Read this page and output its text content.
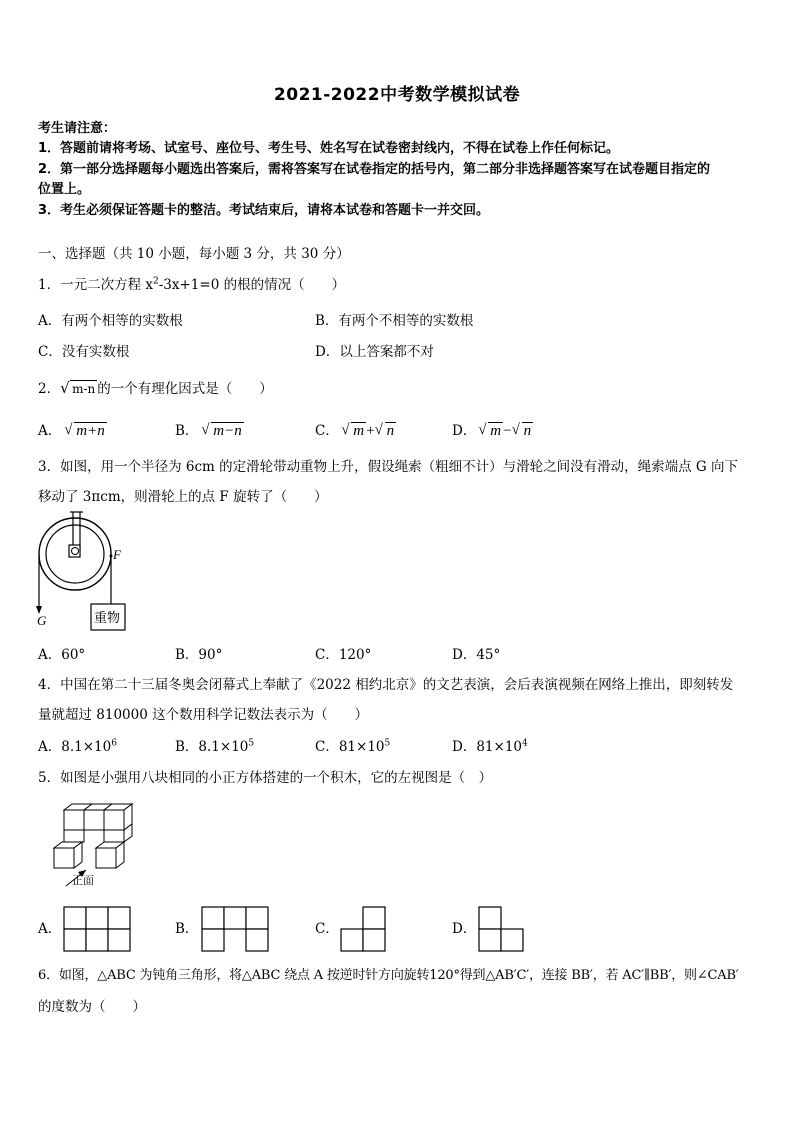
2021-2022中考数学模拟试卷
考生请注意：
1．答题前请将考场、试室号、座位号、考生号、姓名写在试卷密封线内，不得在试卷上作任何标记。
2．第一部分选择题每小题选出答案后，需将答案写在试卷指定的括号内，第二部分非选择题答案写在试卷题目指定的
位置上。
3．考生必须保证答题卡的整洁。考试结束后，请将本试卷和答题卡一并交回。
一、选择题（共 10 小题，每小题 3 分，共 30 分）
1．一元二次方程 $x^2-3x+1=0$ 的根的情况（　　）
A．有两个相等的实数根	B．有两个不相等的实数根
C．没有实数根	D．以上答案都不对
2． √ m-n 的一个有理化因式是（　　）
A． √ m+n	B． √ m−n	C． √ m + √ n	D． √ m − √ n
3．如图，用一个半径为 6cm 的定滑轮带动重物上升，假设绳索（粗细不计）与滑轮之间没有滑动，绳索端点 G 向下
移动了 3πcm，则滑轮上的点 F 旋转了（　　）
重物
F
G
A．60°	B．90°	C．120°	D．45°
4．中国在第二十三届冬奥会闭幕式上奉献了《2022 相约北京》的文艺表演，会后表演视频在网络上推出，即刻转发
量就超过 810000 这个数用科学记数法表示为（　　）
A．$8.1\times 10^6$	B．$8.1\times 10^5$	C．$81\times 10^5$	D．$81\times 10^4$
5．如图是小强用八块相同的小正方体搭建的一个积木，它的左视图是（　）
正面
A．	B．	C．	D．
6．如图，△ABC 为钝角三角形，将△ABC 绕点 A 按逆时针方向旋转120°得到△AB′C′，连接 BB′，若 AC′∥BB′，则∠CAB′
的度数为（　　）
